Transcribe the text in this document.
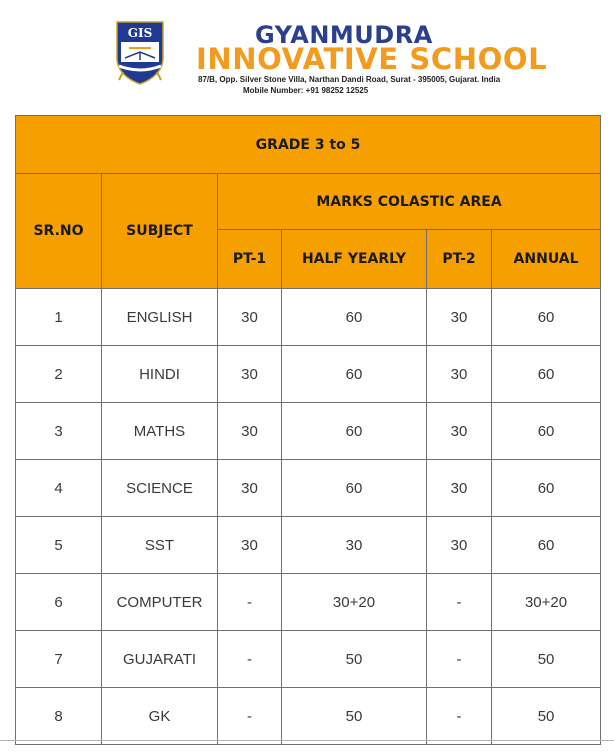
GIS	GYANMUDRA
INNOVATIVE SCHOOL
87/B, Opp. Silver Stone Villa, Narthan Dandi Road, Surat - 395005, Gujarat. India
Mobile Number: +91 98252 12525
GRADE 3 to 5					
SR.NO	SUBJECT	MARKS COLASTIC AREA			
		PT-1	HALF YEARLY	PT-2	ANNUAL
1	ENGLISH	30	60	30	60
2	HINDI	30	60	30	60
3	MATHS	30	60	30	60
4	SCIENCE	30	60	30	60
5	SST	30	30	30	60
6	COMPUTER	-	30+20	-	30+20
7	GUJARATI	-	50	-	50
8	GK	-	50	-	50
